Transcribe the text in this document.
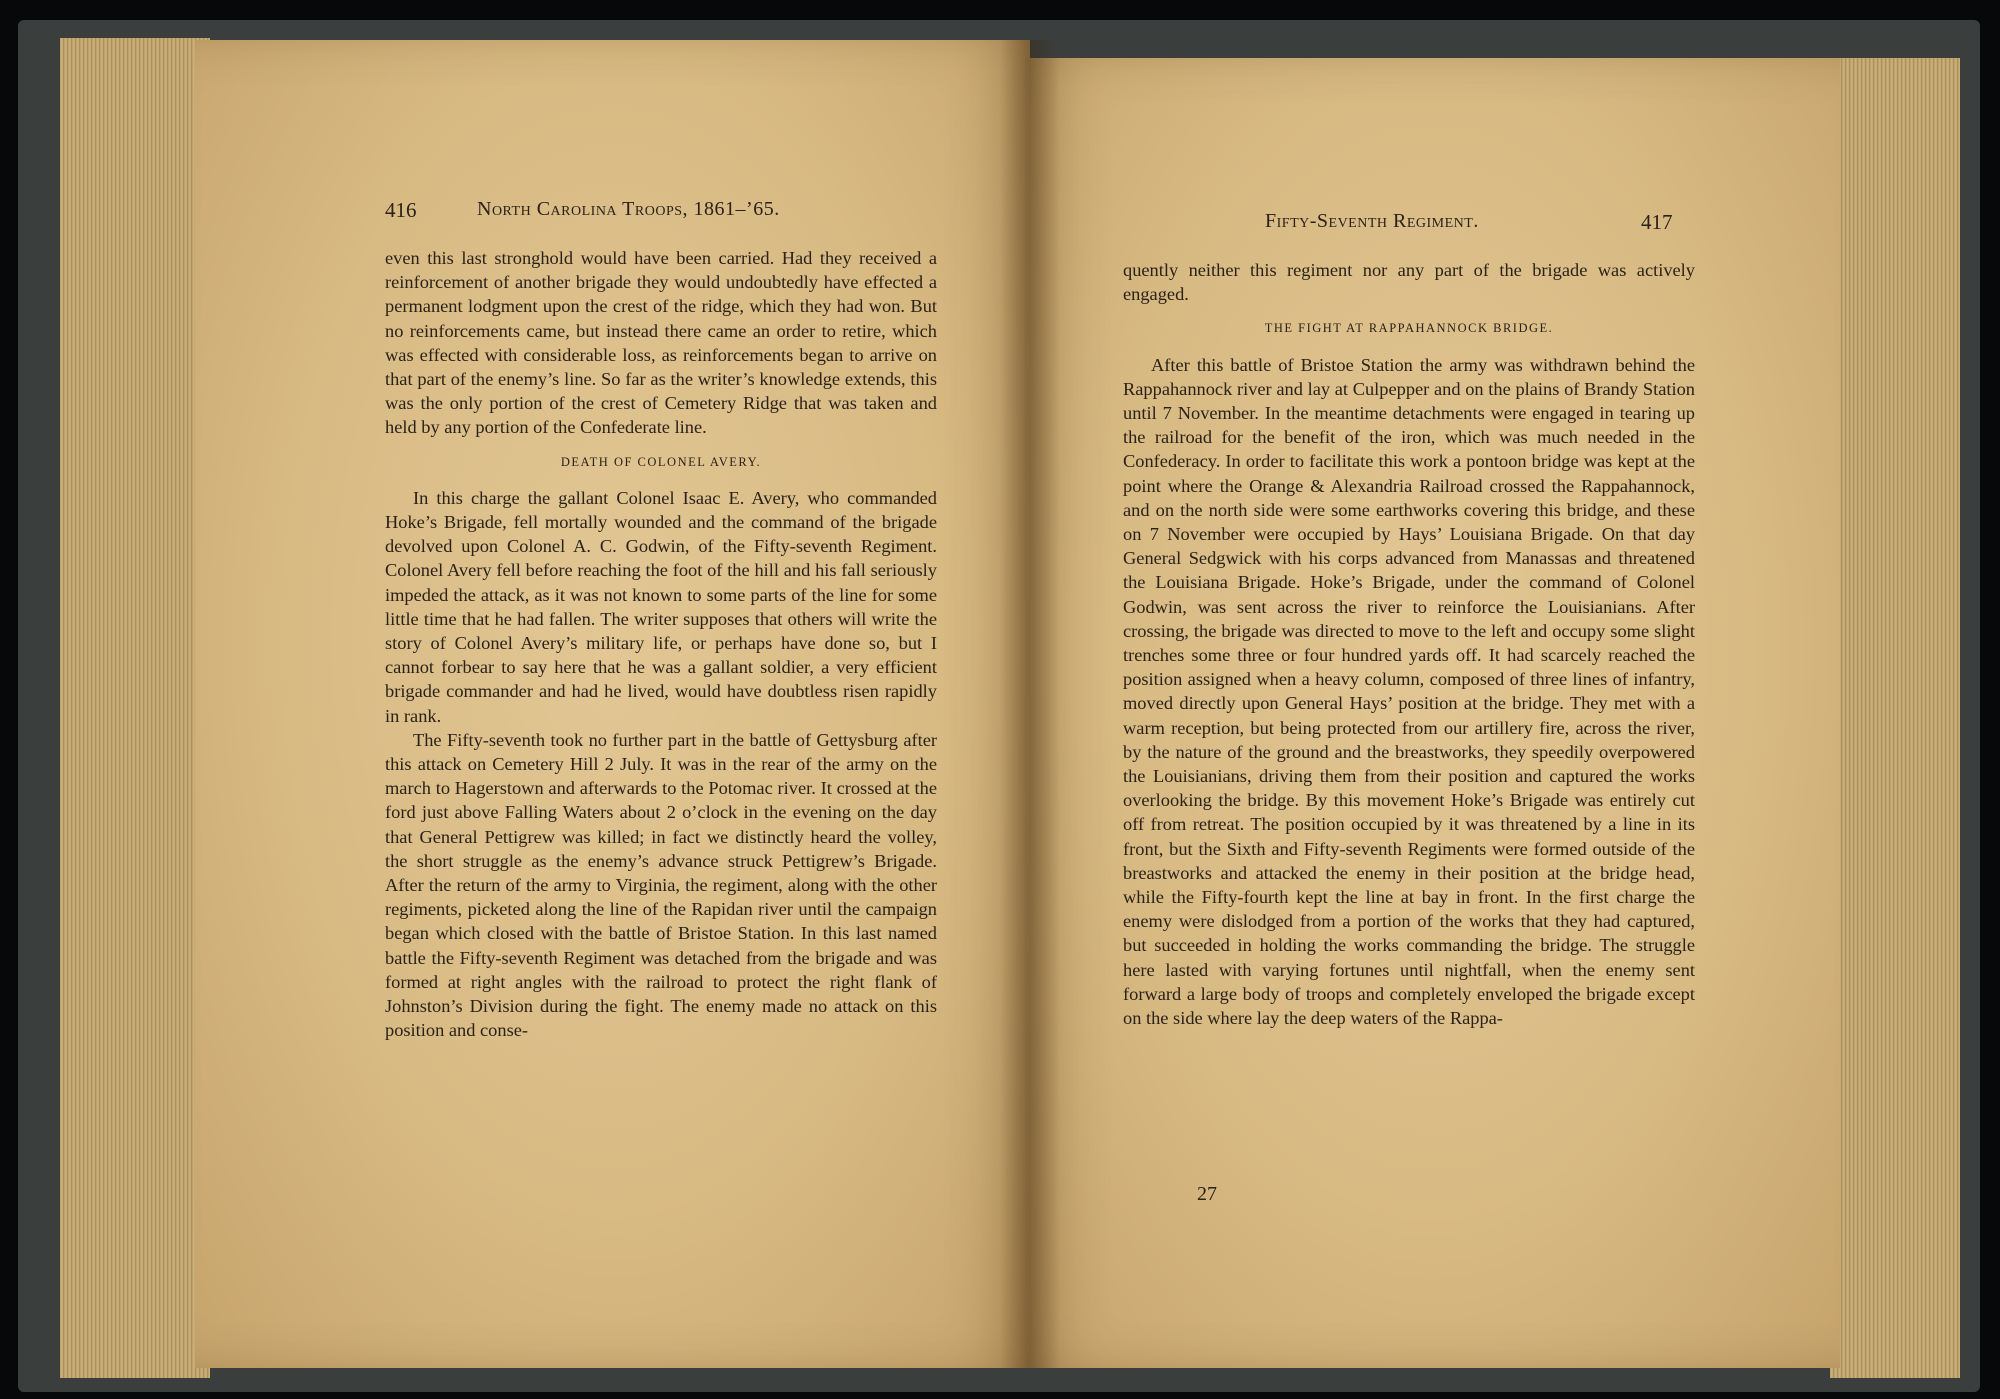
416	North Carolina Troops, 1861–’65.

even this last stronghold would have been carried. Had they received a reinforcement of another brigade they would undoubtedly have effected a permanent lodgment upon the crest of the ridge, which they had won. But no reinforcements came, but instead there came an order to retire, which was effected with considerable loss, as reinforcements began to arrive on that part of the enemy’s line. So far as the writer’s knowledge extends, this was the only portion of the crest of Cemetery Ridge that was taken and held by any portion of the Confederate line.

DEATH OF COLONEL AVERY.

In this charge the gallant Colonel Isaac E. Avery, who commanded Hoke’s Brigade, fell mortally wounded and the command of the brigade devolved upon Colonel A. C. Godwin, of the Fifty-seventh Regiment. Colonel Avery fell before reaching the foot of the hill and his fall seriously impeded the attack, as it was not known to some parts of the line for some little time that he had fallen. The writer supposes that others will write the story of Colonel Avery’s military life, or perhaps have done so, but I cannot forbear to say here that he was a gallant soldier, a very efficient brigade commander and had he lived, would have doubtless risen rapidly in rank.

The Fifty-seventh took no further part in the battle of Gettysburg after this attack on Cemetery Hill 2 July. It was in the rear of the army on the march to Hagerstown and afterwards to the Potomac river. It crossed at the ford just above Falling Waters about 2 o’clock in the evening on the day that General Pettigrew was killed; in fact we distinctly heard the volley, the short struggle as the enemy’s advance struck Pettigrew’s Brigade. After the return of the army to Virginia, the regiment, along with the other regiments, picketed along the line of the Rapidan river until the campaign began which closed with the battle of Bristoe Station. In this last named battle the Fifty-seventh Regiment was detached from the brigade and was formed at right angles with the railroad to protect the right flank of Johnston’s Division during the fight. The enemy made no attack on this position and conse-

Fifty-Seventh Regiment.	417

quently neither this regiment nor any part of the brigade was actively engaged.

THE FIGHT AT RAPPAHANNOCK BRIDGE.

After this battle of Bristoe Station the army was withdrawn behind the Rappahannock river and lay at Culpepper and on the plains of Brandy Station until 7 November. In the meantime detachments were engaged in tearing up the railroad for the benefit of the iron, which was much needed in the Confederacy. In order to facilitate this work a pontoon bridge was kept at the point where the Orange & Alexandria Railroad crossed the Rappahannock, and on the north side were some earthworks covering this bridge, and these on 7 November were occupied by Hays’ Louisiana Brigade. On that day General Sedgwick with his corps advanced from Manassas and threatened the Louisiana Brigade. Hoke’s Brigade, under the command of Colonel Godwin, was sent across the river to reinforce the Louisianians. After crossing, the brigade was directed to move to the left and occupy some slight trenches some three or four hundred yards off. It had scarcely reached the position assigned when a heavy column, composed of three lines of infantry, moved directly upon General Hays’ position at the bridge. They met with a warm reception, but being protected from our artillery fire, across the river, by the nature of the ground and the breastworks, they speedily overpowered the Louisianians, driving them from their position and captured the works overlooking the bridge. By this movement Hoke’s Brigade was entirely cut off from retreat. The position occupied by it was threatened by a line in its front, but the Sixth and Fifty-seventh Regiments were formed outside of the breastworks and attacked the enemy in their position at the bridge head, while the Fifty-fourth kept the line at bay in front. In the first charge the enemy were dislodged from a portion of the works that they had captured, but succeeded in holding the works commanding the bridge. The struggle here lasted with varying fortunes until nightfall, when the enemy sent forward a large body of troops and completely enveloped the brigade except on the side where lay the deep waters of the Rappa-

27
